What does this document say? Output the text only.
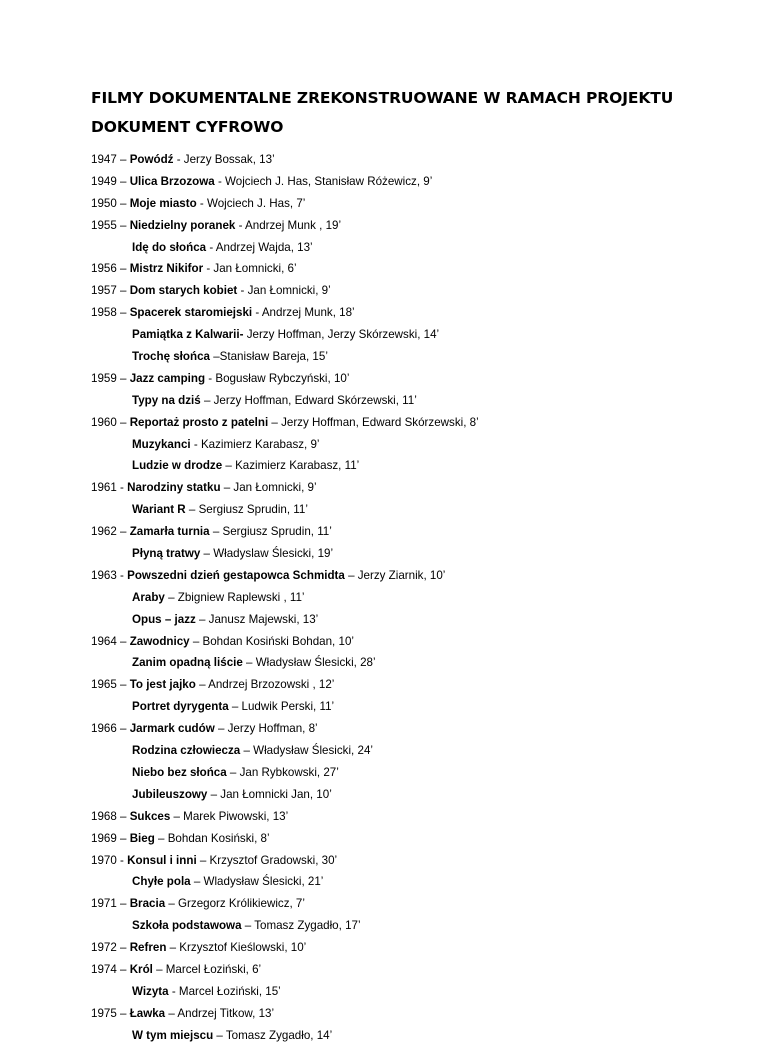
FILMY DOKUMENTALNE ZREKONSTRUOWANE W RAMACH PROJEKTU DOKUMENT CYFROWO
1947 – Powódź - Jerzy Bossak, 13’
1949 – Ulica Brzozowa - Wojciech J. Has, Stanisław Różewicz, 9’
1950 – Moje miasto - Wojciech J. Has, 7’
1955 – Niedzielny poranek - Andrzej Munk , 19’
Idę do słońca - Andrzej Wajda, 13’
1956 – Mistrz Nikifor - Jan Łomnicki, 6’
1957 – Dom starych kobiet - Jan Łomnicki, 9’
1958 – Spacerek staromiejski - Andrzej Munk, 18’
Pamiątka z Kalwarii- Jerzy Hoffman, Jerzy Skórzewski, 14’
Trochę słońca –Stanisław Bareja, 15’
1959 – Jazz camping - Bogusław Rybczyński, 10’
Typy na dziś – Jerzy Hoffman, Edward Skórzewski, 11’
1960 – Reportaż prosto z patelni – Jerzy Hoffman, Edward Skórzewski, 8’
Muzykanci - Kazimierz Karabasz, 9’
Ludzie w drodze – Kazimierz Karabasz, 11’
1961 - Narodziny statku – Jan Łomnicki, 9’
Wariant R – Sergiusz Sprudin, 11’
1962 – Zamarła turnia – Sergiusz Sprudin, 11’
Płyną tratwy – Władyslaw Ślesicki, 19’
1963 - Powszedni dzień gestapowca Schmidta – Jerzy Ziarnik, 10’
Araby – Zbigniew Raplewski , 11’
Opus – jazz – Janusz Majewski, 13’
1964 – Zawodnicy – Bohdan Kosiński Bohdan, 10’
Zanim opadną liście – Władysław Ślesicki, 28’
1965 – To jest jajko – Andrzej Brzozowski , 12’
Portret dyrygenta – Ludwik Perski, 11’
1966 – Jarmark cudów – Jerzy Hoffman, 8’
Rodzina człowiecza – Władysław Ślesicki, 24’
Niebo bez słońca – Jan Rybkowski, 27’
Jubileuszowy – Jan Łomnicki Jan, 10’
1968 – Sukces – Marek Piwowski, 13’
1969 – Bieg – Bohdan Kosiński, 8’
1970 - Konsul i inni – Krzysztof Gradowski, 30’
Chyłe pola – Wladysław Ślesicki, 21’
1971 – Bracia – Grzegorz Królikiewicz, 7’
Szkoła podstawowa – Tomasz Zygadło, 17’
1972 – Refren – Krzysztof Kieślowski, 10’
1974 – Król – Marcel Łoziński, 6’
Wizyta - Marcel Łoziński, 15’
1975 – Ławka – Andrzej Titkow, 13’
W tym miejscu – Tomasz Zygadło, 14’
